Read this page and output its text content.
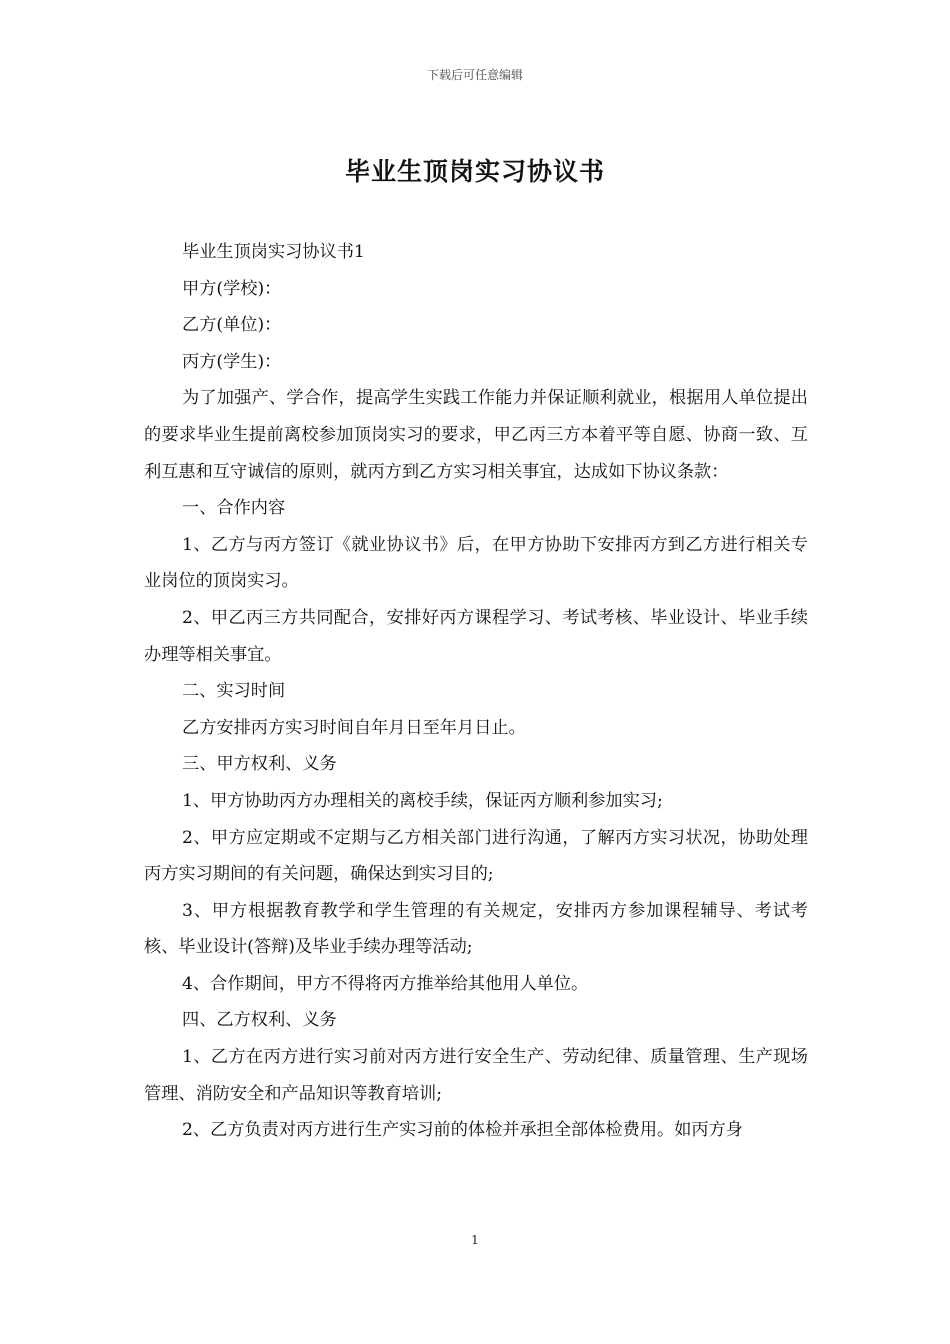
下载后可任意编辑
毕业生顶岗实习协议书

毕业生顶岗实习协议书1

甲方(学校)：

乙方(单位)：

丙方(学生)：

为了加强产、学合作，提高学生实践工作能力并保证顺利就业，根据用人单位提出的要求毕业生提前离校参加顶岗实习的要求，甲乙丙三方本着平等自愿、协商一致、互利互惠和互守诚信的原则，就丙方到乙方实习相关事宜，达成如下协议条款：

一、合作内容

1、乙方与丙方签订《就业协议书》后，在甲方协助下安排丙方到乙方进行相关专业岗位的顶岗实习。

2、甲乙丙三方共同配合，安排好丙方课程学习、考试考核、毕业设计、毕业手续办理等相关事宜。

二、实习时间

乙方安排丙方实习时间自年月日至年月日止。

三、甲方权利、义务

1、甲方协助丙方办理相关的离校手续，保证丙方顺利参加实习;

2、甲方应定期或不定期与乙方相关部门进行沟通，了解丙方实习状况，协助处理丙方实习期间的有关问题，确保达到实习目的;

3、甲方根据教育教学和学生管理的有关规定，安排丙方参加课程辅导、考试考核、毕业设计(答辩)及毕业手续办理等活动;

4、合作期间，甲方不得将丙方推举给其他用人单位。

四、乙方权利、义务

1、乙方在丙方进行实习前对丙方进行安全生产、劳动纪律、质量管理、生产现场管理、消防安全和产品知识等教育培训;

2、乙方负责对丙方进行生产实习前的体检并承担全部体检费用。如丙方身

1
